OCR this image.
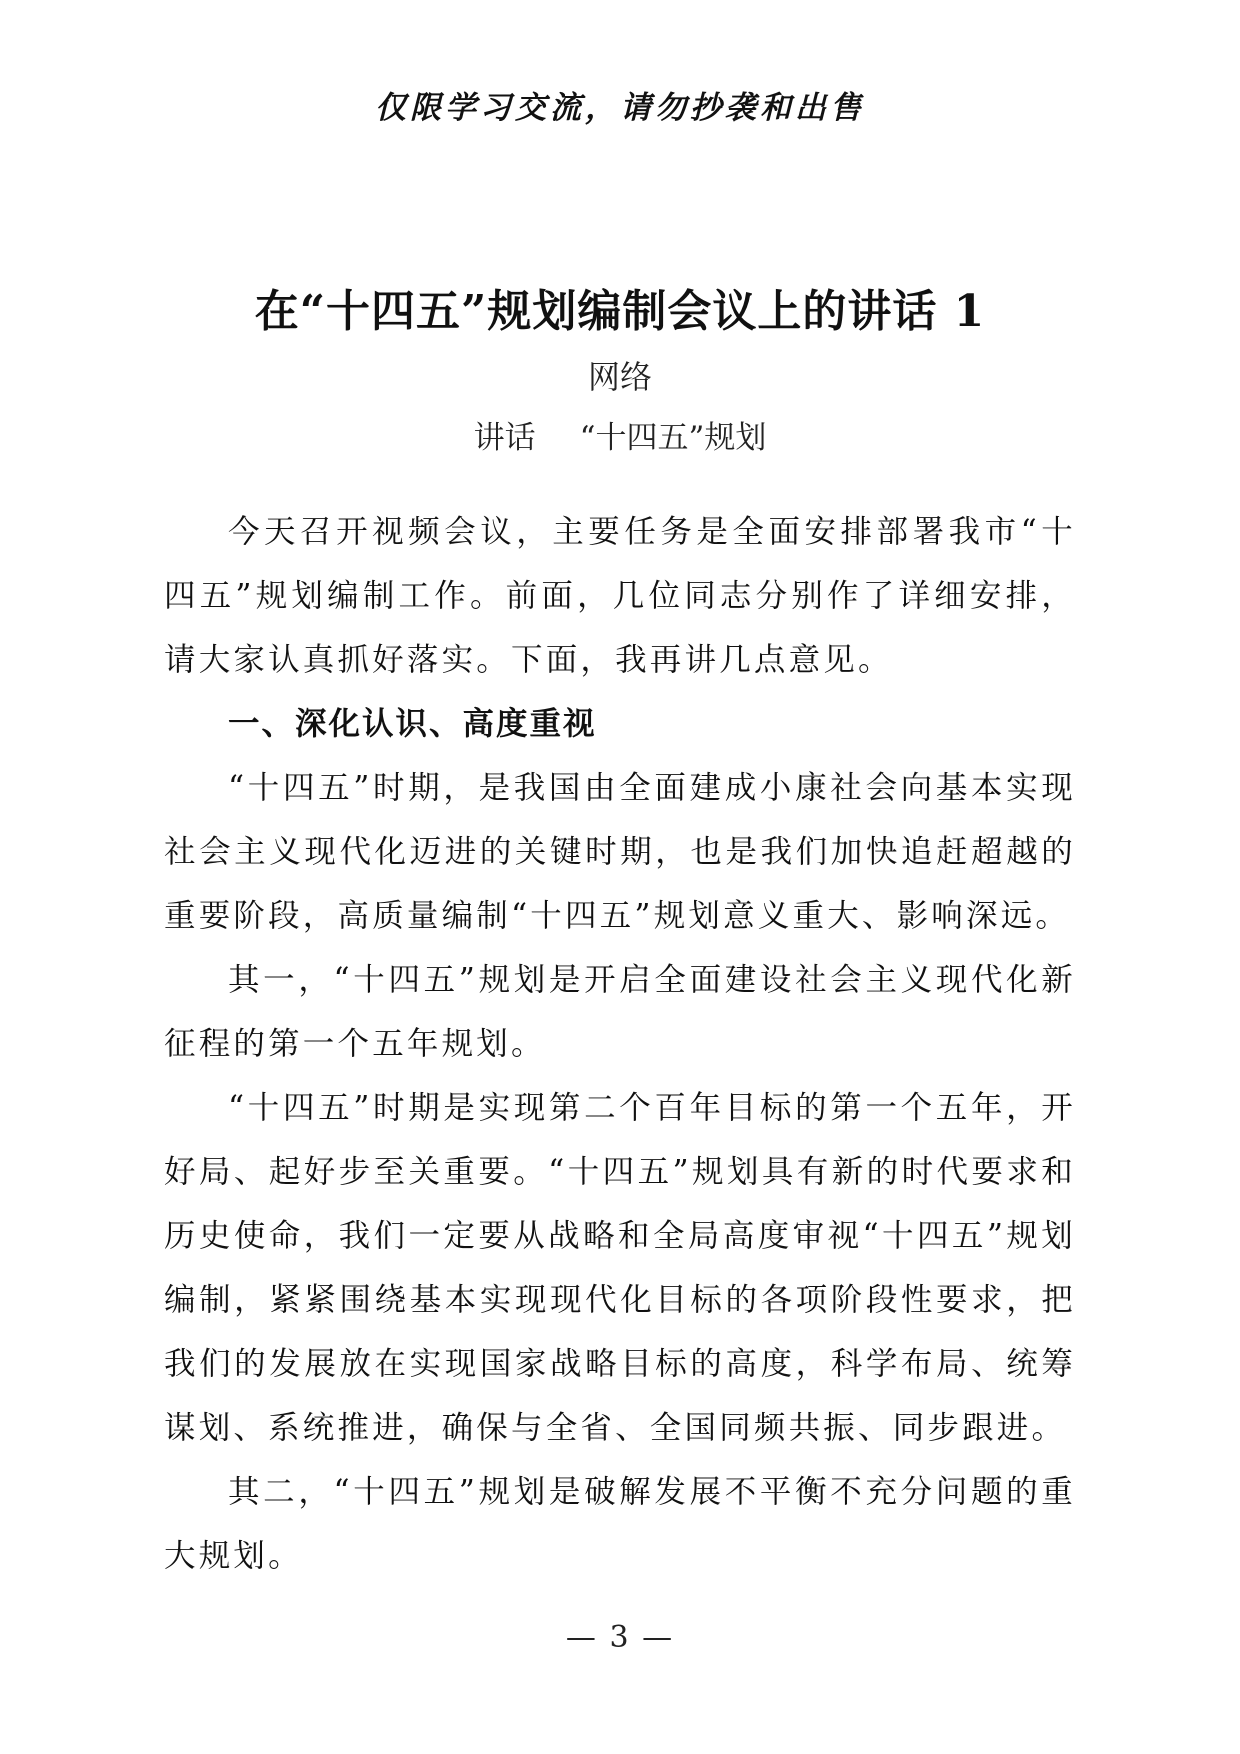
仅限学习交流，请勿抄袭和出售
在“十四五”规划编制会议上的讲话 1
网络
讲话 “十四五”规划

今天召开视频会议，主要任务是全面安排部署我市“十四五”规划编制工作。前面，几位同志分别作了详细安排，请大家认真抓好落实。下面，我再讲几点意见。

一、深化认识、高度重视

“十四五”时期，是我国由全面建成小康社会向基本实现社会主义现代化迈进的关键时期，也是我们加快追赶超越的重要阶段，高质量编制“十四五”规划意义重大、影响深远。

其一，“十四五”规划是开启全面建设社会主义现代化新征程的第一个五年规划。

“十四五”时期是实现第二个百年目标的第一个五年，开好局、起好步至关重要。“十四五”规划具有新的时代要求和历史使命，我们一定要从战略和全局高度审视“十四五”规划编制，紧紧围绕基本实现现代化目标的各项阶段性要求，把我们的发展放在实现国家战略目标的高度，科学布局、统筹谋划、系统推进，确保与全省、全国同频共振、同步跟进。

其二，“十四五”规划是破解发展不平衡不充分问题的重大规划。

— 3 —
